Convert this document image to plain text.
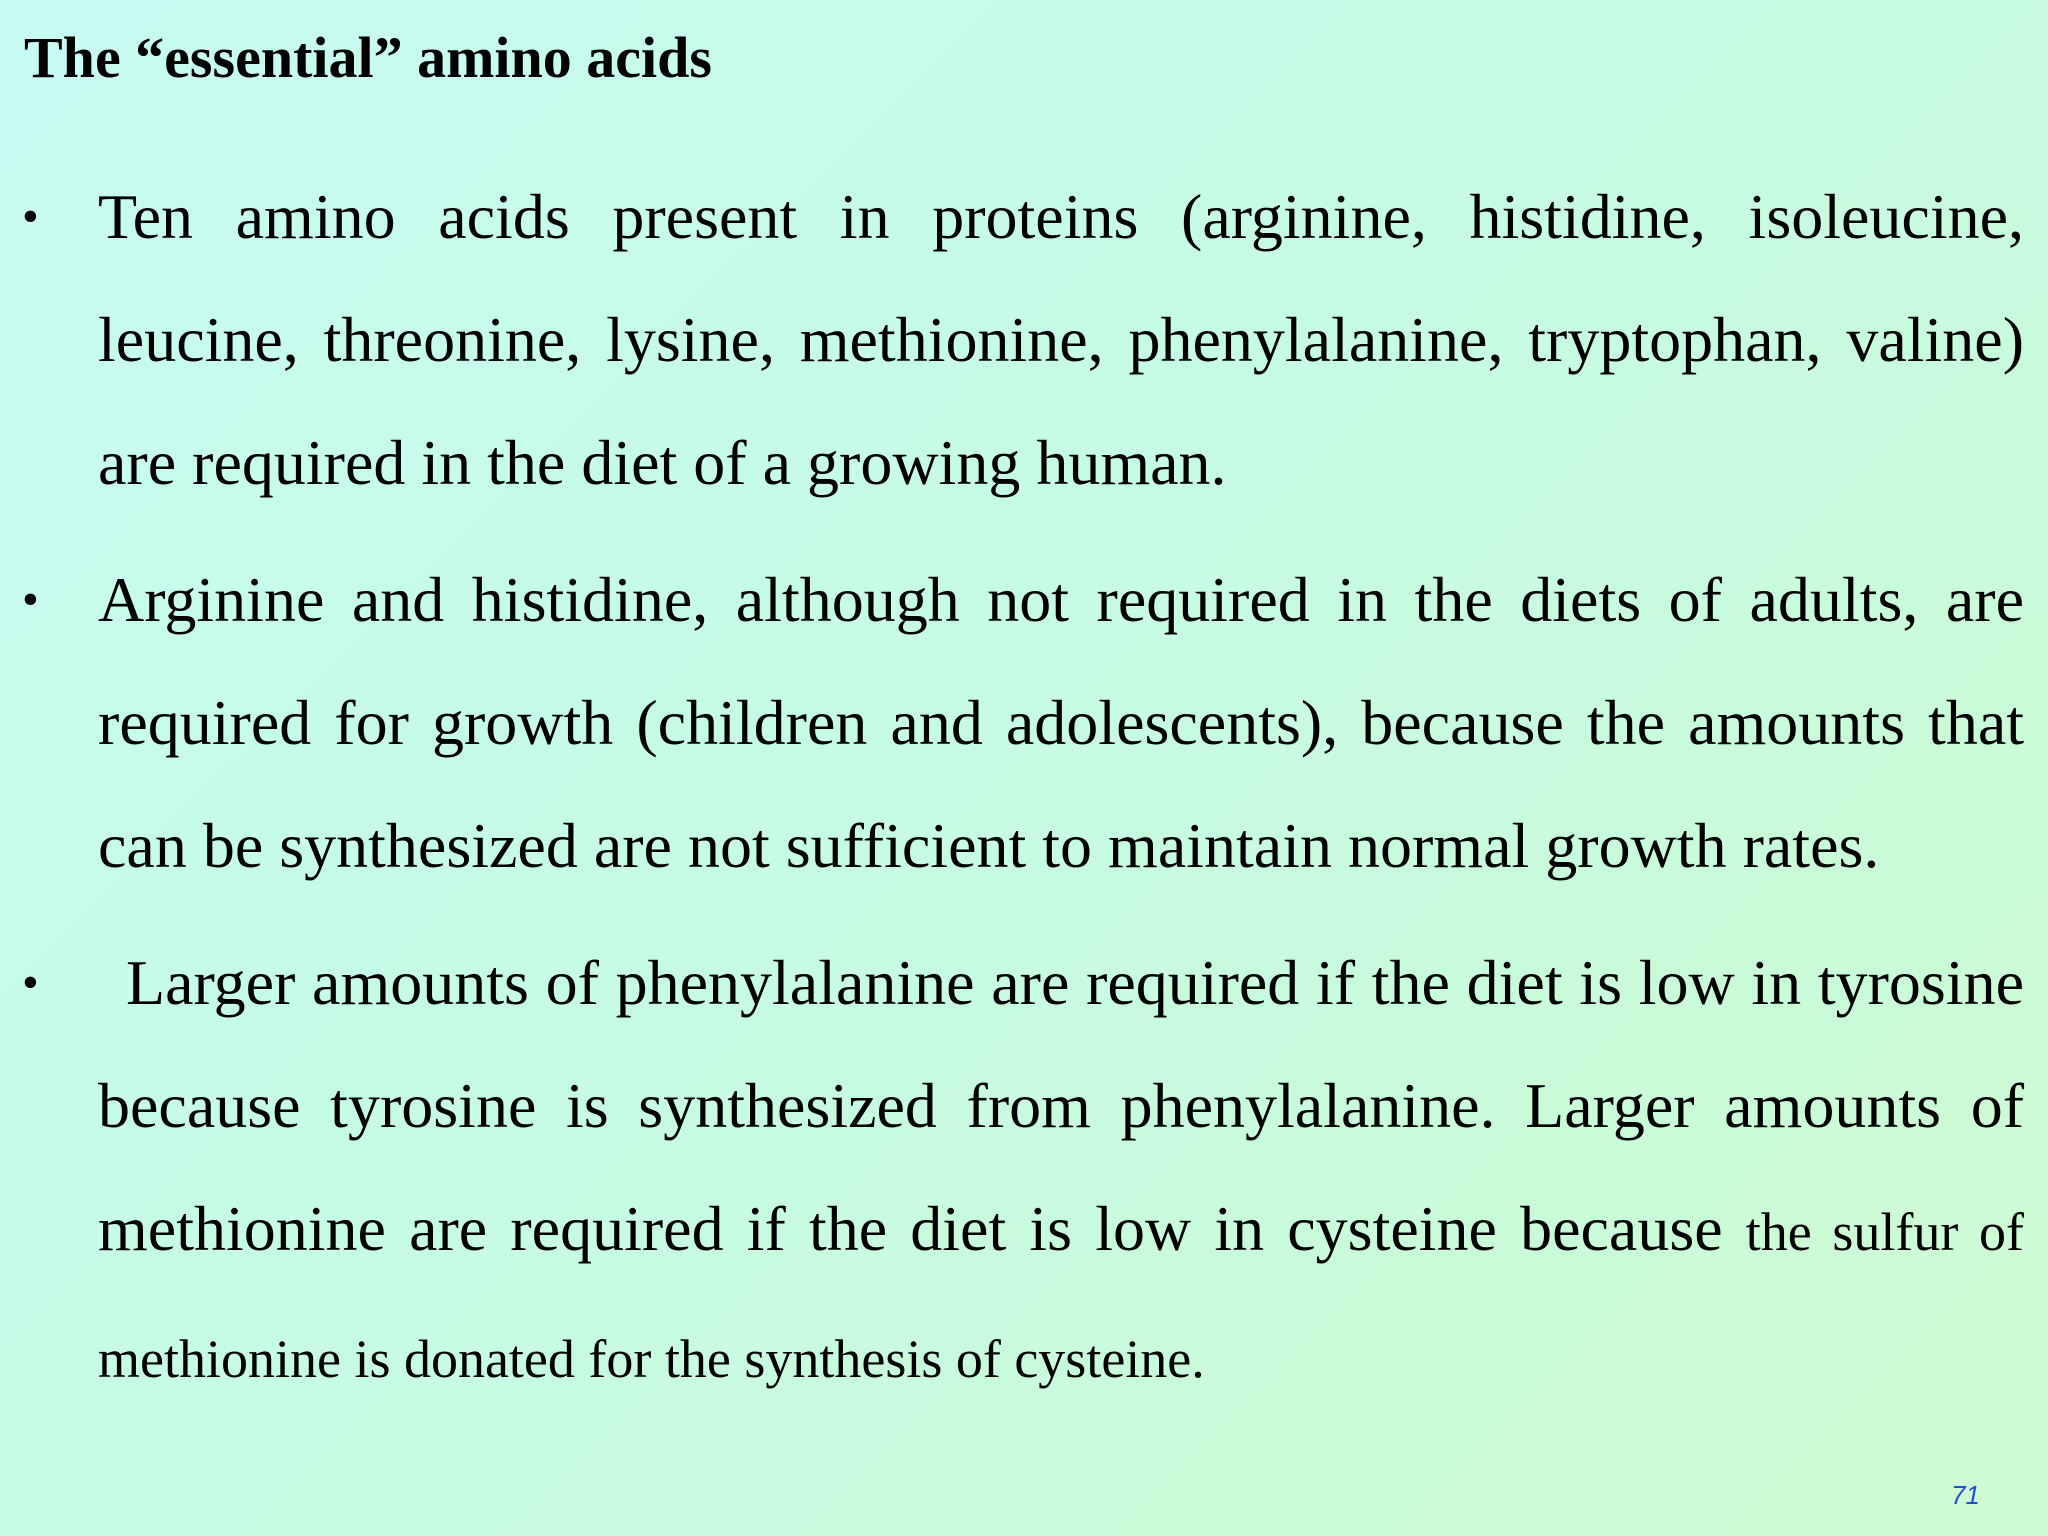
The “essential” amino acids
• Ten amino acids present in proteins (arginine, histidine, isoleucine, leucine, threonine, lysine, methionine, phenylalanine, tryptophan, valine) are required in the diet of a growing human.
• Arginine and histidine, although not required in the diets of adults, are required for growth (children and adolescents), because the amounts that can be synthesized are not sufficient to maintain normal growth rates.
• Larger amounts of phenylalanine are required if the diet is low in tyrosine because tyrosine is synthesized from phenylalanine. Larger amounts of methionine are required if the diet is low in cysteine because the sulfur of methionine is donated for the synthesis of cysteine.
71
